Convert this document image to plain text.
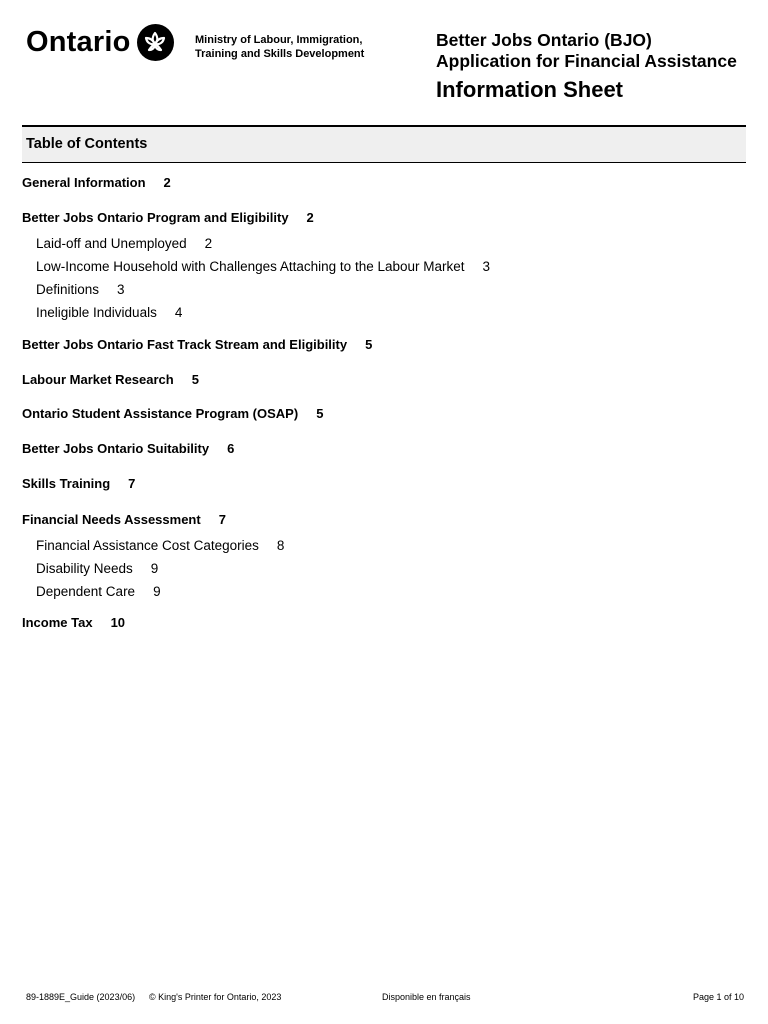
Ontario	Ministry of Labour, Immigration,
Training and Skills Development
Better Jobs Ontario (BJO)
Application for Financial Assistance
Information Sheet
Table of Contents
General Information 2
Better Jobs Ontario Program and Eligibility 2
Laid-off and Unemployed 2
Low-Income Household with Challenges Attaching to the Labour Market 3
Definitions 3
Ineligible Individuals 4
Better Jobs Ontario Fast Track Stream and Eligibility 5
Labour Market Research 5
Ontario Student Assistance Program (OSAP) 5
Better Jobs Ontario Suitability 6
Skills Training 7
Financial Needs Assessment 7
Financial Assistance Cost Categories 8
Disability Needs 9
Dependent Care 9
Income Tax 10
89-1889E_Guide (2023/06) © King's Printer for Ontario, 2023	Disponible en français	Page 1 of 10
